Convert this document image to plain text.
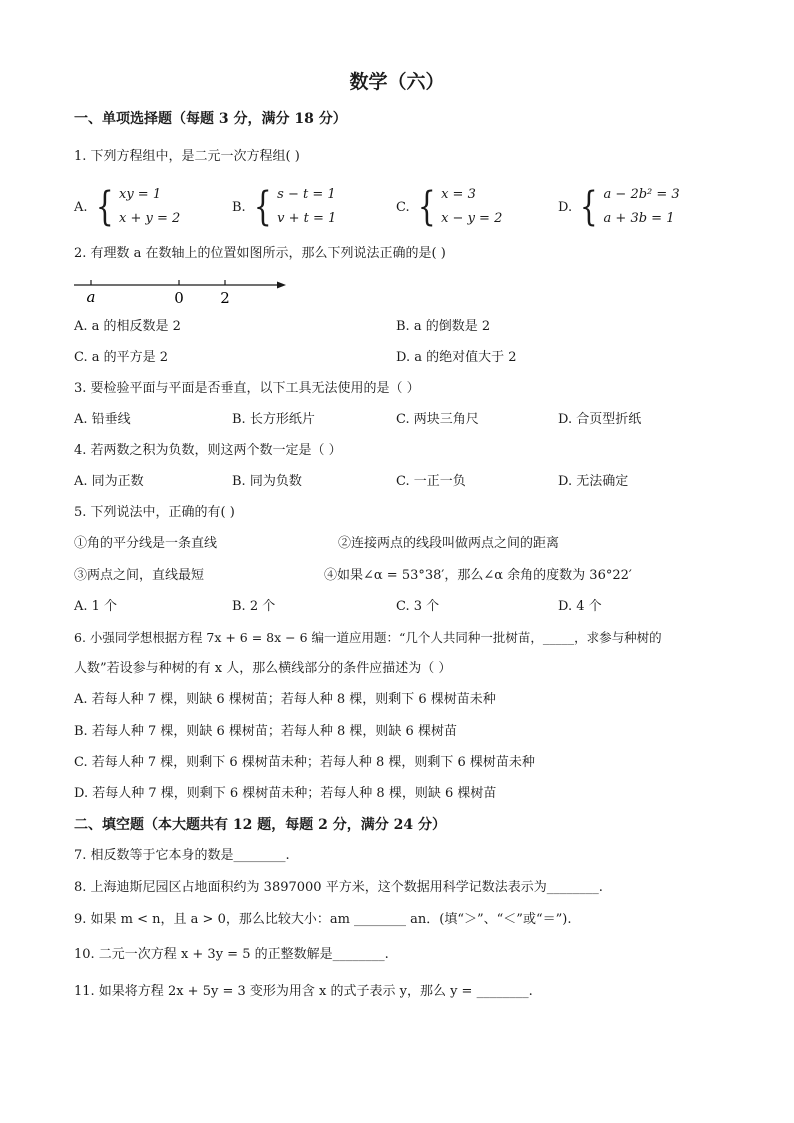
数学（六）
一、单项选择题（每题 3 分，满分 18 分）
1. 下列方程组中，是二元一次方程组( )
A. { xy = 1
x + y = 2
B. { s − t = 1
v + t = 1
C. { x = 3
x − y = 2
D. { a − 2b² = 3
a + 3b = 1
2. 有理数 a 在数轴上的位置如图所示，那么下列说法正确的是( )
a	0 2
A. a 的相反数是 2	B. a 的倒数是 2
C. a 的平方是 2	D. a 的绝对值大于 2
3. 要检验平面与平面是否垂直，以下工具无法使用的是（ ）
A. 铅垂线	B. 长方形纸片	C. 两块三角尺	D. 合页型折纸
4. 若两数之积为负数，则这两个数一定是（ ）
A. 同为正数	B. 同为负数	C. 一正一负	D. 无法确定
5. 下列说法中，正确的有( )
①角的平分线是一条直线	②连接两点的线段叫做两点之间的距离
③两点之间，直线最短	④如果∠α = 53°38′，那么∠α 余角的度数为 36°22′
A. 1 个	B. 2 个	C. 3 个	D. 4 个
6. 小强同学想根据方程 7x + 6 = 8x − 6 编一道应用题：“几个人共同种一批树苗，_____，求参与种树的
人数”若设参与种树的有 x 人，那么横线部分的条件应描述为（ ）
A. 若每人种 7 棵，则缺 6 棵树苗；若每人种 8 棵，则剩下 6 棵树苗未种
B. 若每人种 7 棵，则缺 6 棵树苗；若每人种 8 棵，则缺 6 棵树苗
C. 若每人种 7 棵，则剩下 6 棵树苗未种；若每人种 8 棵，则剩下 6 棵树苗未种
D. 若每人种 7 棵，则剩下 6 棵树苗未种；若每人种 8 棵，则缺 6 棵树苗
二、填空题（本大题共有 12 题，每题 2 分，满分 24 分）
7. 相反数等于它本身的数是________.
8. 上海迪斯尼园区占地面积约为 3897000 平方米，这个数据用科学记数法表示为________.
9. 如果 m < n，且 a > 0，那么比较大小：am ________ an．(填“＞”、“＜”或“＝”).
10. 二元一次方程 x + 3y = 5 的正整数解是________.
11. 如果将方程 2x + 5y = 3 变形为用含 x 的式子表示 y，那么 y = ________.
